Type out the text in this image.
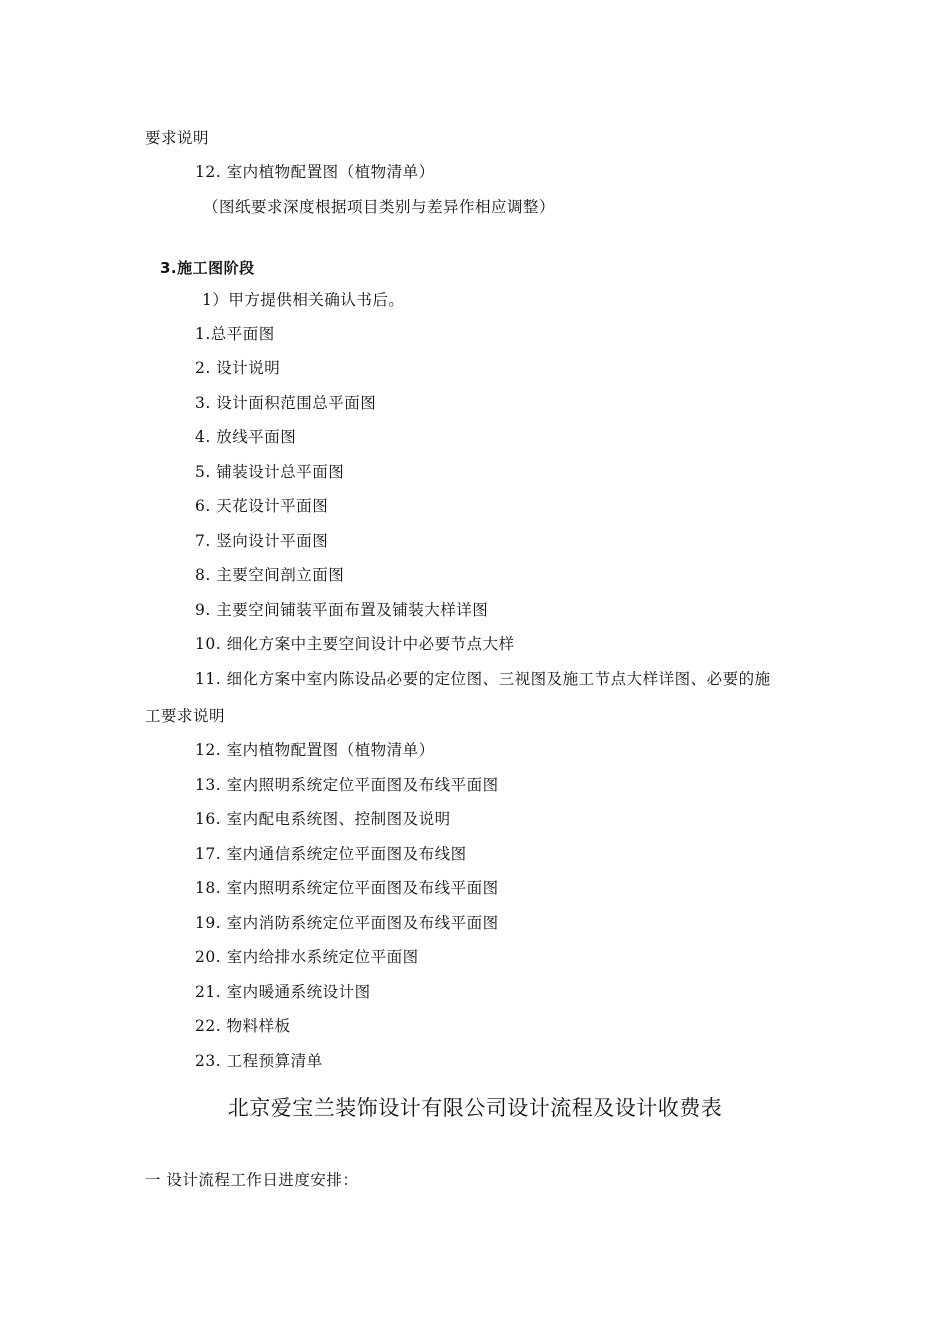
要求说明
12. 室内植物配置图（植物清单）
（图纸要求深度根据项目类别与差异作相应调整）
3.施工图阶段
1）甲方提供相关确认书后。
1.总平面图
2. 设计说明
3. 设计面积范围总平面图
4. 放线平面图
5. 铺装设计总平面图
6. 天花设计平面图
7. 竖向设计平面图
8. 主要空间剖立面图
9. 主要空间铺装平面布置及铺装大样详图
10. 细化方案中主要空间设计中必要节点大样
11. 细化方案中室内陈设品必要的定位图、三视图及施工节点大样详图、必要的施
工要求说明
12. 室内植物配置图（植物清单）
13. 室内照明系统定位平面图及布线平面图
16. 室内配电系统图、控制图及说明
17. 室内通信系统定位平面图及布线图
18. 室内照明系统定位平面图及布线平面图
19. 室内消防系统定位平面图及布线平面图
20. 室内给排水系统定位平面图
21. 室内暖通系统设计图
22. 物料样板
23. 工程预算清单
北京爱宝兰装饰设计有限公司设计流程及设计收费表
一 设计流程工作日进度安排：
